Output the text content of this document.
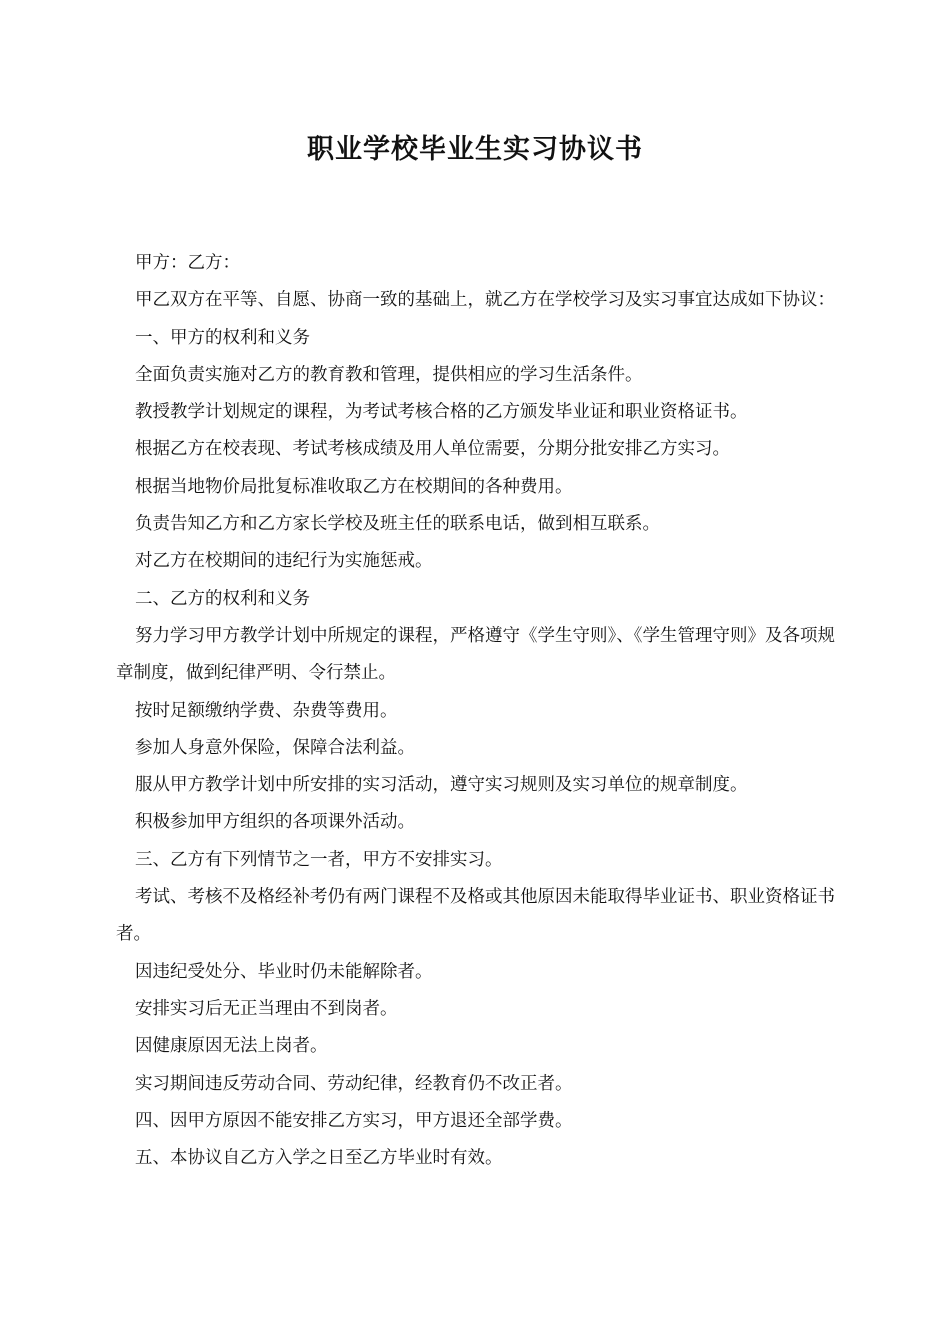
职业学校毕业生实习协议书

甲方：乙方：

甲乙双方在平等、自愿、协商一致的基础上，就乙方在学校学习及实习事宜达成如下协议：

一、甲方的权利和义务

全面负责实施对乙方的教育教和管理，提供相应的学习生活条件。

教授教学计划规定的课程，为考试考核合格的乙方颁发毕业证和职业资格证书。

根据乙方在校表现、考试考核成绩及用人单位需要，分期分批安排乙方实习。

根据当地物价局批复标准收取乙方在校期间的各种费用。

负责告知乙方和乙方家长学校及班主任的联系电话，做到相互联系。

对乙方在校期间的违纪行为实施惩戒。

二、乙方的权利和义务

努力学习甲方教学计划中所规定的课程，严格遵守《学生守则》、《学生管理守则》及各项规章制度，做到纪律严明、令行禁止。

按时足额缴纳学费、杂费等费用。

参加人身意外保险，保障合法利益。

服从甲方教学计划中所安排的实习活动，遵守实习规则及实习单位的规章制度。

积极参加甲方组织的各项课外活动。

三、乙方有下列情节之一者，甲方不安排实习。

考试、考核不及格经补考仍有两门课程不及格或其他原因未能取得毕业证书、职业资格证书者。

因违纪受处分、毕业时仍未能解除者。

安排实习后无正当理由不到岗者。

因健康原因无法上岗者。

实习期间违反劳动合同、劳动纪律，经教育仍不改正者。

四、因甲方原因不能安排乙方实习，甲方退还全部学费。

五、本协议自乙方入学之日至乙方毕业时有效。
